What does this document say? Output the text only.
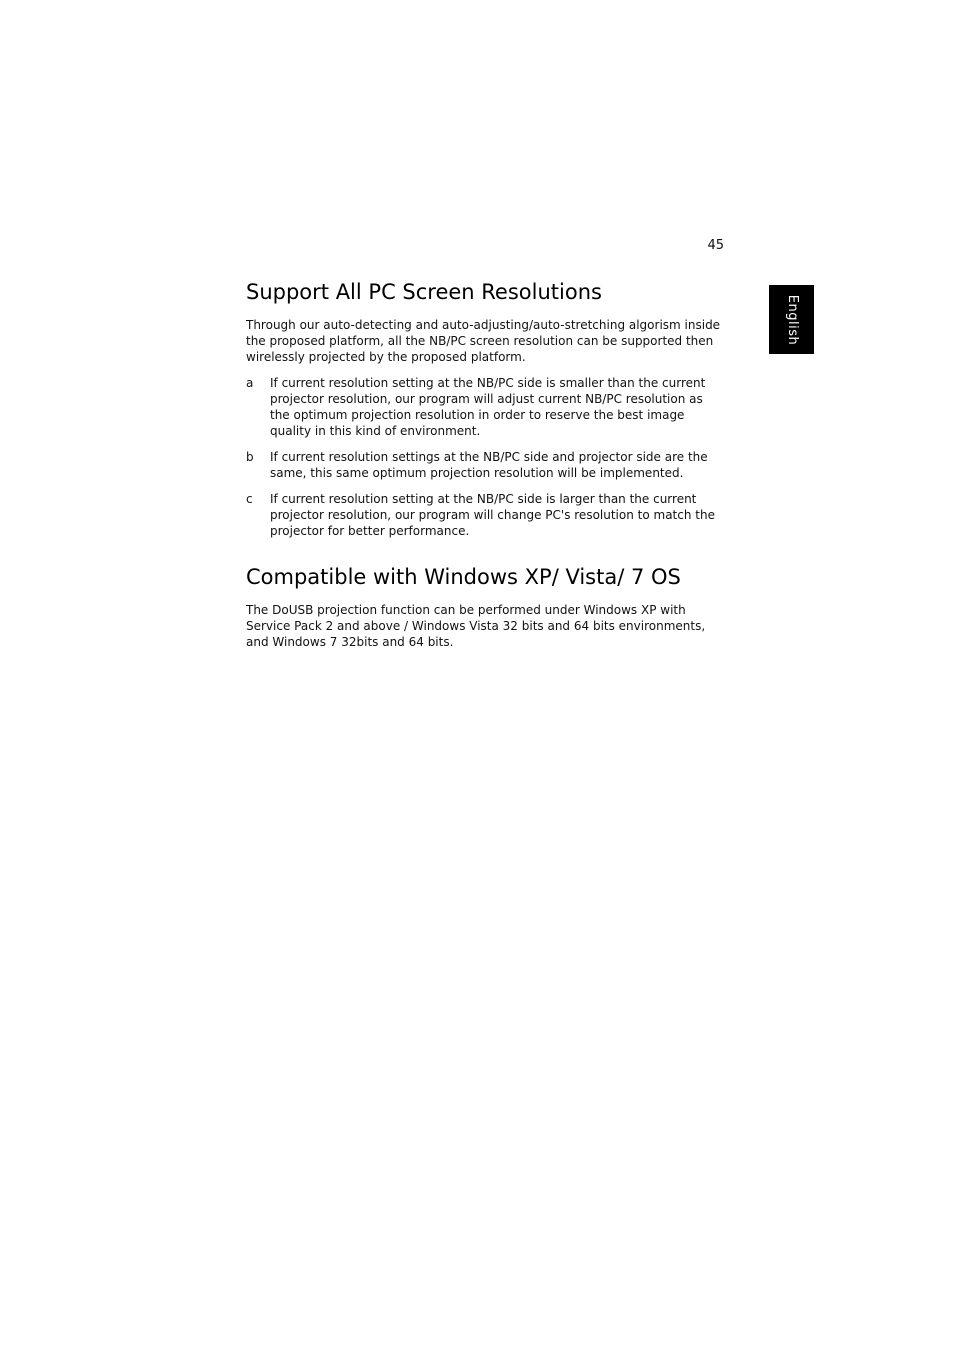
45
English
Support All PC Screen Resolutions

Through our auto-detecting and auto-adjusting/auto-stretching algorism inside the proposed platform, all the NB/PC screen resolution can be supported then wirelessly projected by the proposed platform.

a	If current resolution setting at the NB/PC side is smaller than the current projector resolution, our program will adjust current NB/PC resolution as the optimum projection resolution in order to reserve the best image quality in this kind of environment.
b	If current resolution settings at the NB/PC side and projector side are the same, this same optimum projection resolution will be implemented.
c	If current resolution setting at the NB/PC side is larger than the current projector resolution, our program will change PC's resolution to match the projector for better performance.
Compatible with Windows XP/ Vista/ 7 OS

The DoUSB projection function can be performed under Windows XP with Service Pack 2 and above / Windows Vista 32 bits and 64 bits environments, and Windows 7 32bits and 64 bits.
